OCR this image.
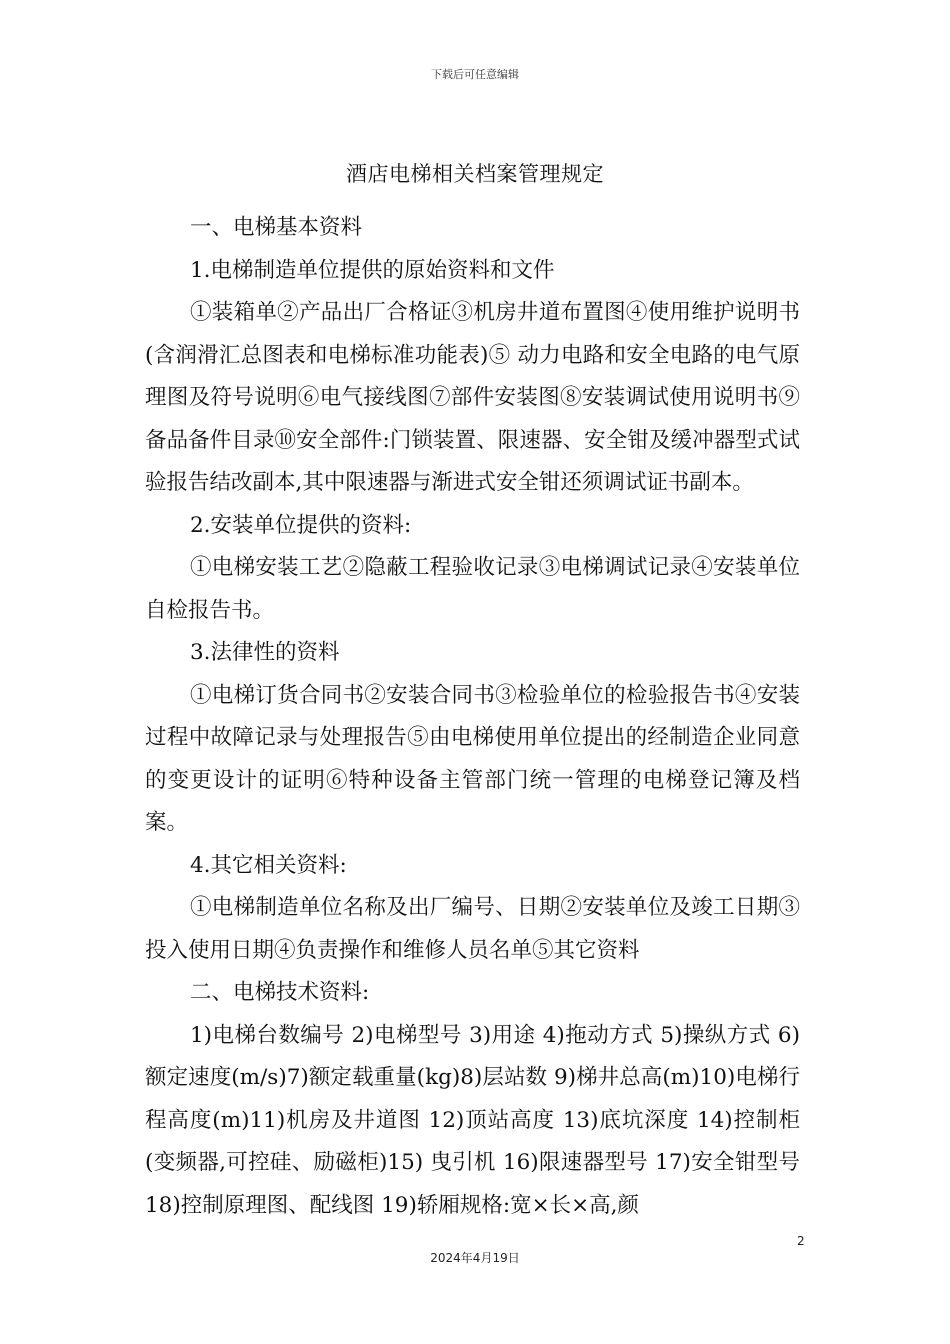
下载后可任意编辑
酒店电梯相关档案管理规定

一、电梯基本资料

1.电梯制造单位提供的原始资料和文件

①装箱单②产品出厂合格证③机房井道布置图④使用维护说明书(含润滑汇总图表和电梯标准功能表)⑤ 动力电路和安全电路的电气原理图及符号说明⑥电气接线图⑦部件安装图⑧安装调试使用说明书⑨备品备件目录⑩安全部件:门锁装置、限速器、安全钳及缓冲器型式试验报告结改副本,其中限速器与渐进式安全钳还须调试证书副本。

2.安装单位提供的资料:

①电梯安装工艺②隐蔽工程验收记录③电梯调试记录④安装单位自检报告书。

3.法律性的资料

①电梯订货合同书②安装合同书③检验单位的检验报告书④安装过程中故障记录与处理报告⑤由电梯使用单位提出的经制造企业同意的变更设计的证明⑥特种设备主管部门统一管理的电梯登记簿及档案。

4.其它相关资料:

①电梯制造单位名称及出厂编号、日期②安装单位及竣工日期③投入使用日期④负责操作和维修人员名单⑤其它资料

二、电梯技术资料:

1)电梯台数编号 2)电梯型号 3)用途 4)拖动方式 5)操纵方式 6)额定速度(m/s)7)额定载重量(kg)8)层站数 9)梯井总高(m)10)电梯行程高度(m)11)机房及井道图 12)顶站高度 13)底坑深度 14)控制柜(变频器,可控硅、励磁柜)15) 曳引机 16)限速器型号 17)安全钳型号 18)控制原理图、配线图 19)轿厢规格:宽×长×高,颜

2
2024年4月19日
